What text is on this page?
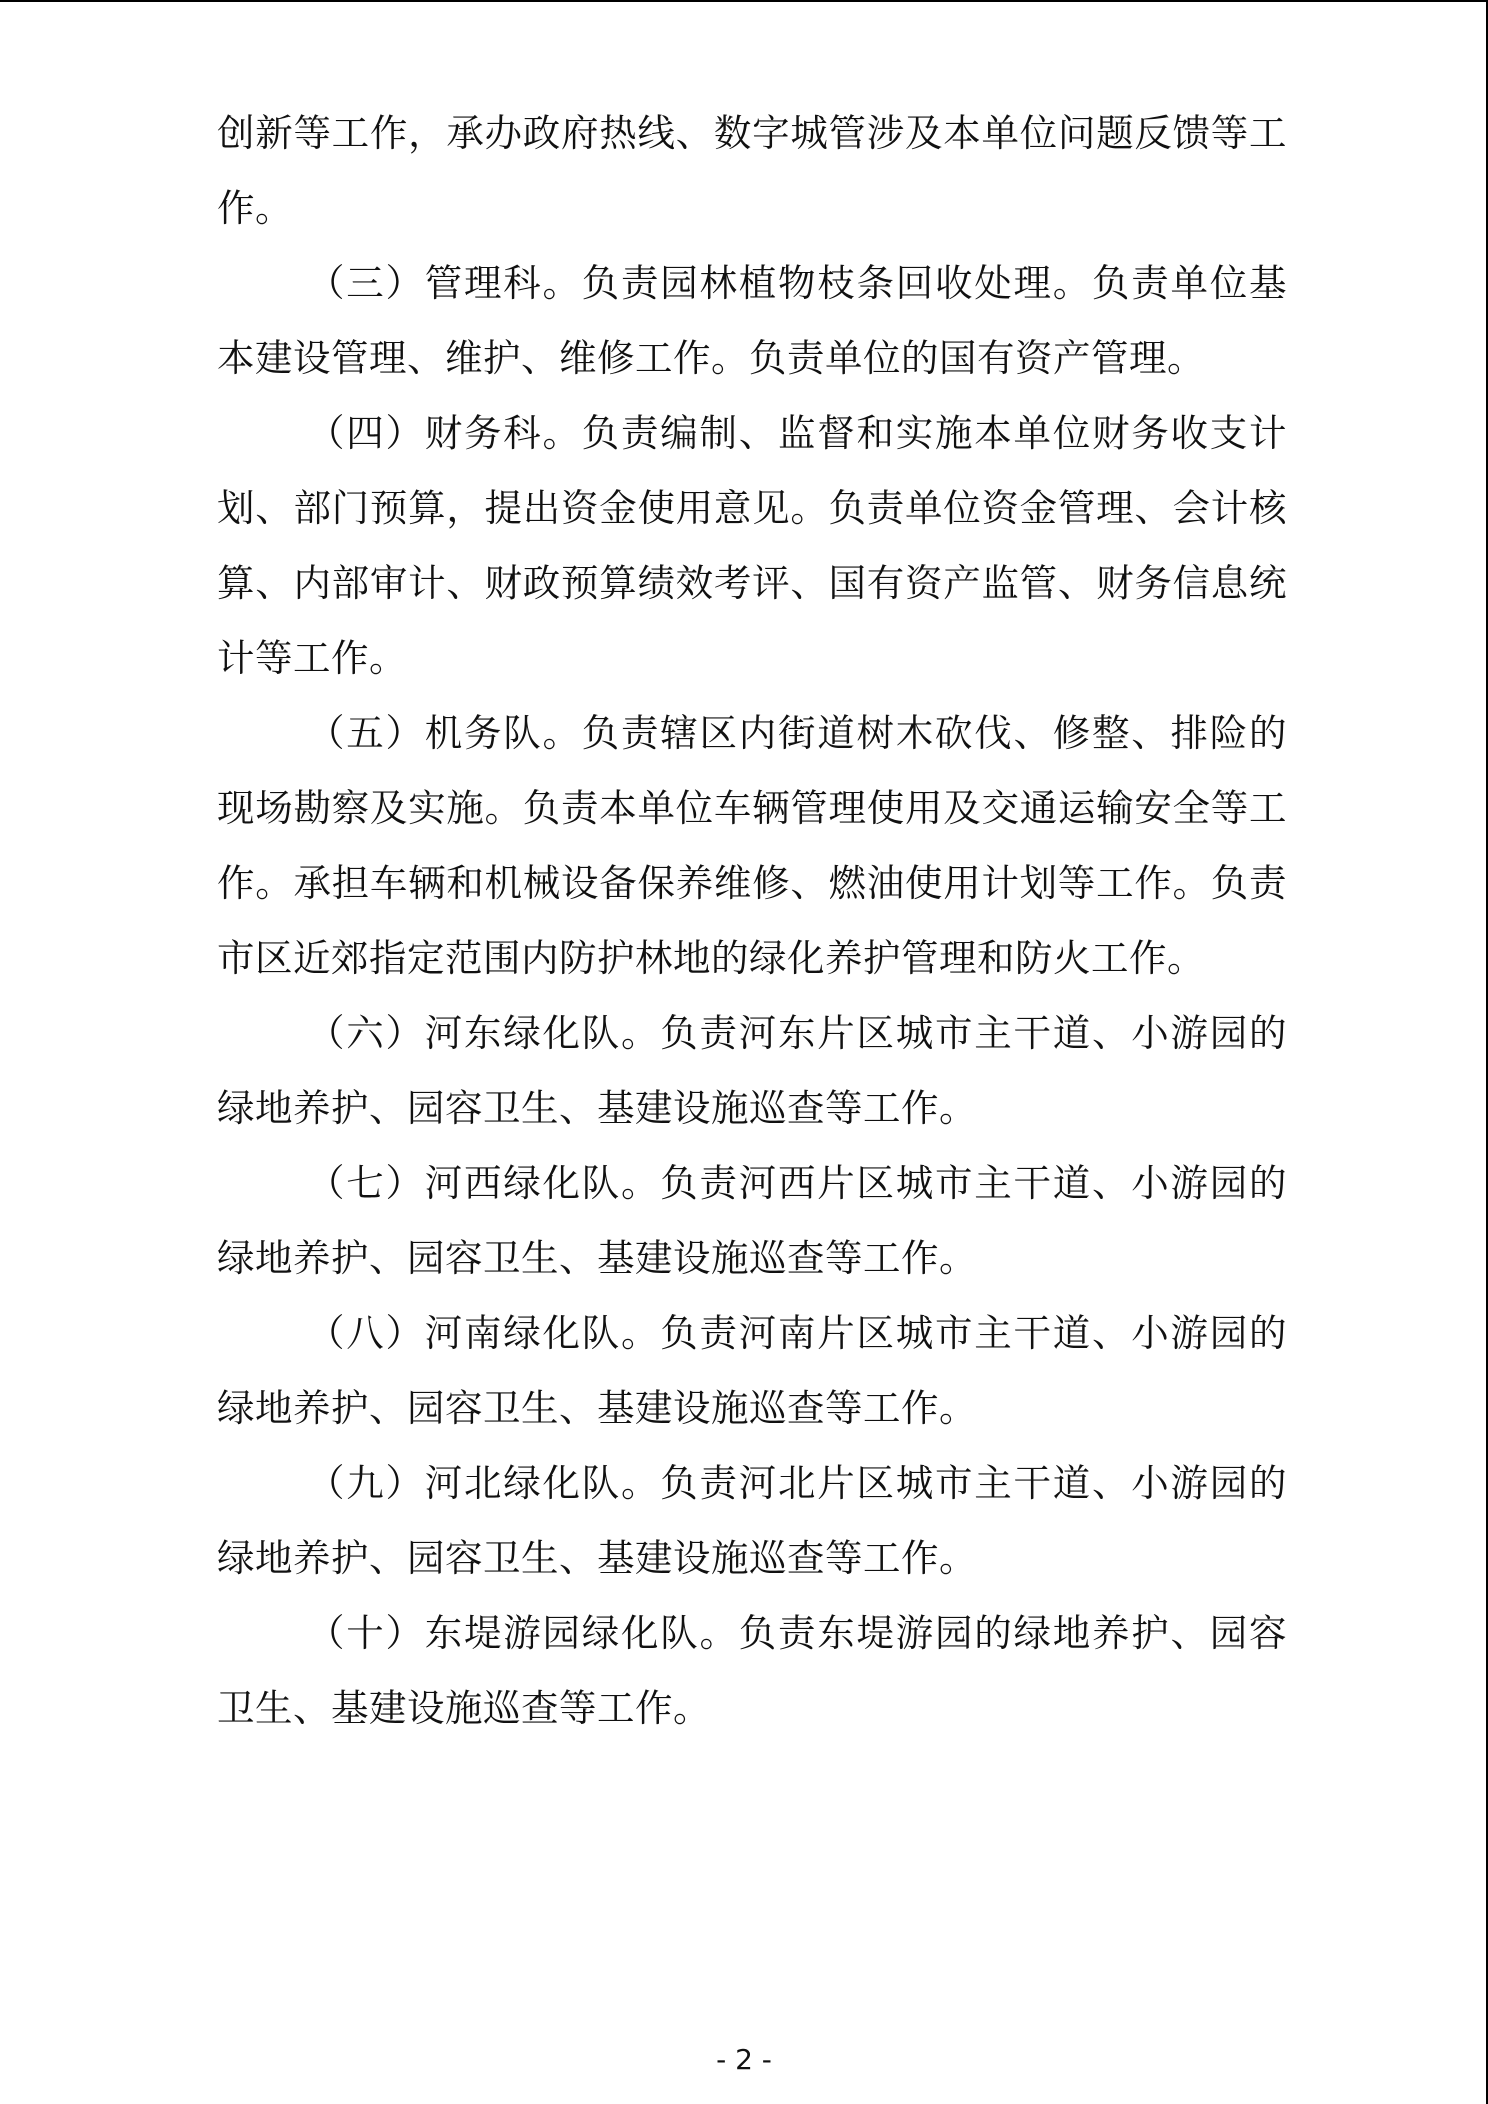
创新等工作，承办政府热线、数字城管涉及本单位问题反馈等工作。

（三）管理科。负责园林植物枝条回收处理。负责单位基本建设管理、维护、维修工作。负责单位的国有资产管理。

（四）财务科。负责编制、监督和实施本单位财务收支计划、部门预算，提出资金使用意见。负责单位资金管理、会计核算、内部审计、财政预算绩效考评、国有资产监管、财务信息统计等工作。

（五）机务队。负责辖区内街道树木砍伐、修整、排险的现场勘察及实施。负责本单位车辆管理使用及交通运输安全等工作。承担车辆和机械设备保养维修、燃油使用计划等工作。负责市区近郊指定范围内防护林地的绿化养护管理和防火工作。

（六）河东绿化队。负责河东片区城市主干道、小游园的绿地养护、园容卫生、基建设施巡查等工作。

（七）河西绿化队。负责河西片区城市主干道、小游园的绿地养护、园容卫生、基建设施巡查等工作。

（八）河南绿化队。负责河南片区城市主干道、小游园的绿地养护、园容卫生、基建设施巡查等工作。

（九）河北绿化队。负责河北片区城市主干道、小游园的绿地养护、园容卫生、基建设施巡查等工作。

（十）东堤游园绿化队。负责东堤游园的绿地养护、园容卫生、基建设施巡查等工作。

- 2 -
